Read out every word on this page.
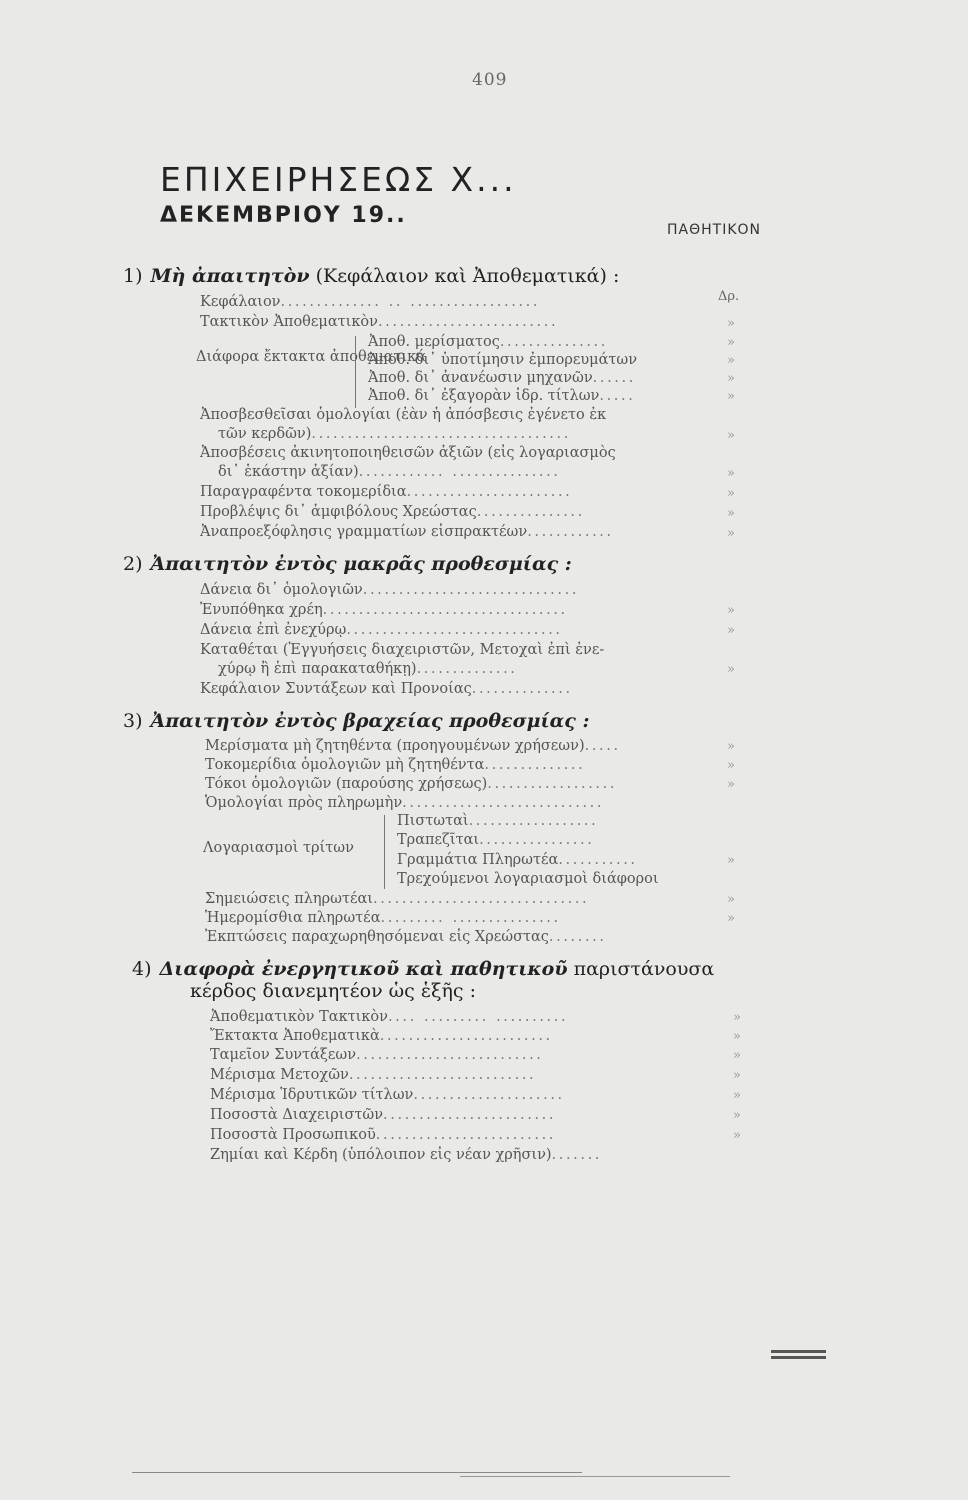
409
ΕΠΙΧΕΙΡΗΣΕΩΣ Χ...
ΔΕΚΕΜΒΡΙΟΥ 19..
ΠΑΘΗΤΙΚΟΝ
1) Μὴ ἀπαιτητὸν (Κεφάλαιον καὶ Ἀποθεματικά) :
Δρ.
Κεφάλαιον.............. .. ..................
Τακτικὸν Ἀποθεματικὸν.........................
Διάφορα ἔκτακτα ἀποθεματικά
Ἀποθ. μερίσματος...............
Ἀποθ. δι᾽ ὑποτίμησιν ἐμπορευμάτων
Ἀποθ. δι᾽ ἀνανέωσιν μηχανῶν......
Ἀποθ. δι᾽ ἐξαγορὰν ἰδρ. τίτλων.....
Ἀποσβεσθεῖσαι ὁμολογίαι (ἐὰν ἡ ἀπόσβεσις ἐγένετο ἐκ
τῶν κερδῶν)....................................
Ἀποσβέσεις ἀκινητοποιηθεισῶν ἀξιῶν (εἰς λογαριασμὸς
δι᾽ ἑκάστην ἀξίαν)............ ...............
Παραγραφέντα τοκομερίδια.......................
Προβλέψις δι᾽ ἀμφιβόλους Χρεώστας...............
Ἀναπροεξόφλησις γραμματίων εἰσπρακτέων............
»
»
»
»
»
»
»
»
»
»
2) Ἀπαιτητὸν ἐντὸς μακρᾶς προθεσμίας :
Δάνεια δι᾽ ὁμολογιῶν..............................
Ἐνυπόθηκα χρέη..................................
Δάνεια ἐπὶ ἐνεχύρῳ..............................
Καταθέται (Ἐγγυήσεις διαχειριστῶν, Μετοχαὶ ἐπὶ ἐνε-
χύρῳ ἢ ἐπὶ παρακαταθήκῃ)..............
Κεφάλαιον Συντάξεων καὶ Προνοίας..............
»
»
»
3) Ἀπαιτητὸν ἐντὸς βραχείας προθεσμίας :
Μερίσματα μὴ ζητηθέντα (προηγουμένων χρήσεων).....
Τοκομερίδια ὁμολογιῶν μὴ ζητηθέντα..............
Τόκοι ὁμολογιῶν (παρούσης χρήσεως)..................
Ὁμολογίαι πρὸς πληρωμὴν............................
Λογαριασμοὶ τρίτων
Πιστωταὶ..................
Τραπεζῖται................
Γραμμάτια Πληρωτέα...........
Τρεχούμενοι λογαριασμοὶ διάφοροι
Σημειώσεις πληρωτέαι..............................
Ἡμερομίσθια πληρωτέα......... ...............
Ἐκπτώσεις παραχωρηθησόμεναι εἰς Χρεώστας........
»
»
»
»
»
»
4) Διαφορὰ ἐνεργητικοῦ καὶ παθητικοῦ παριστάνουσα
κέρδος διανεμητέον ὡς ἑξῆς :
Ἀποθεματικὸν Τακτικὸν.... ......... ..........
Ἔκτακτα Ἀποθεματικὰ........................
Ταμεῖον Συντάξεων..........................
Μέρισμα Μετοχῶν..........................
Μέρισμα Ἱδρυτικῶν τίτλων.....................
Ποσοστὰ Διαχειριστῶν........................
Ποσοστὰ Προσωπικοῦ.........................
Ζημίαι καὶ Κέρδη (ὑπόλοιπον εἰς νέαν χρῆσιν).......
»
»
»
»
»
»
»
